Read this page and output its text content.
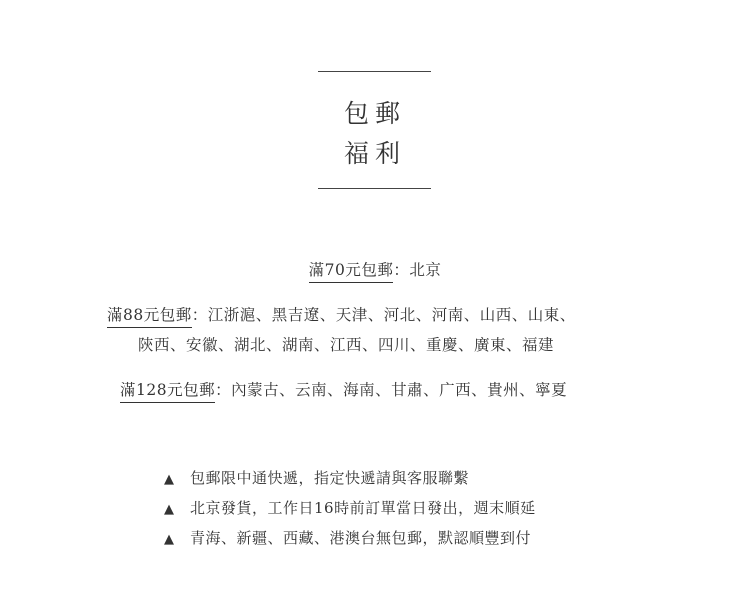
包郵
福利
滿70元包郵：北京
滿88元包郵：江浙滬、黑吉遼、天津、河北、河南、山西、山東、
陝西、安徽、湖北、湖南、江西、四川、重慶、廣東、福建
滿128元包郵：內蒙古、云南、海南、甘肅、广西、貴州、寧夏
▲ 包郵限中通快遞，指定快遞請與客服聯繫
▲ 北京發貨，工作日16時前訂單當日發出，週末順延
▲ 青海、新疆、西藏、港澳台無包郵，默認順豐到付
